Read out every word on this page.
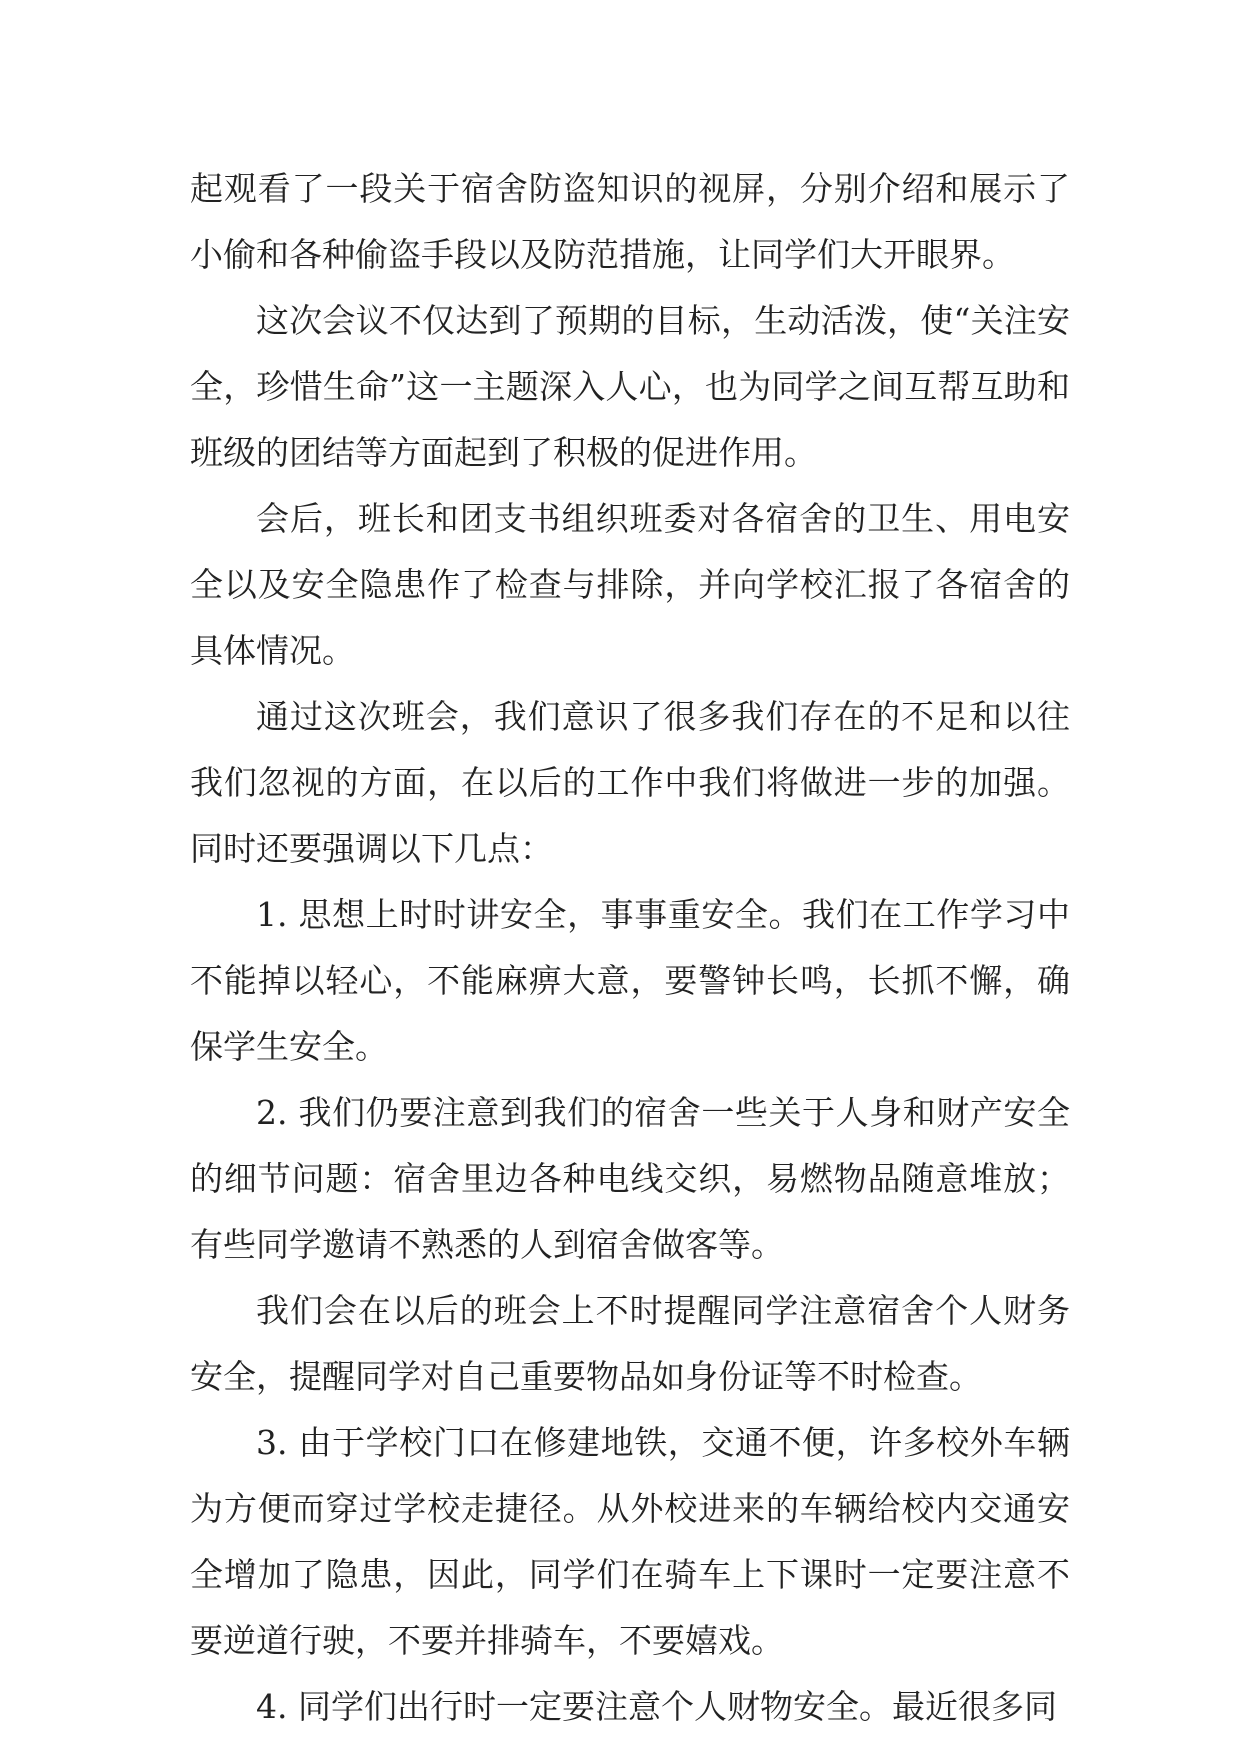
起观看了一段关于宿舍防盗知识的视屏，分别介绍和展示了小偷和各种偷盗手段以及防范措施，让同学们大开眼界。

这次会议不仅达到了预期的目标，生动活泼，使“关注安全，珍惜生命”这一主题深入人心，也为同学之间互帮互助和班级的团结等方面起到了积极的促进作用。

会后，班长和团支书组织班委对各宿舍的卫生、用电安全以及安全隐患作了检查与排除，并向学校汇报了各宿舍的具体情况。

通过这次班会，我们意识了很多我们存在的不足和以往我们忽视的方面，在以后的工作中我们将做进一步的加强。同时还要强调以下几点：

1. 思想上时时讲安全，事事重安全。我们在工作学习中不能掉以轻心，不能麻痹大意，要警钟长鸣，长抓不懈，确保学生安全。

2. 我们仍要注意到我们的宿舍一些关于人身和财产安全的细节问题：宿舍里边各种电线交织，易燃物品随意堆放；有些同学邀请不熟悉的人到宿舍做客等。

我们会在以后的班会上不时提醒同学注意宿舍个人财务安全，提醒同学对自己重要物品如身份证等不时检查。

3. 由于学校门口在修建地铁，交通不便，许多校外车辆为方便而穿过学校走捷径。从外校进来的车辆给校内交通安全增加了隐患，因此，同学们在骑车上下课时一定要注意不要逆道行驶，不要并排骑车，不要嬉戏。

4. 同学们出行时一定要注意个人财物安全。最近很多同
